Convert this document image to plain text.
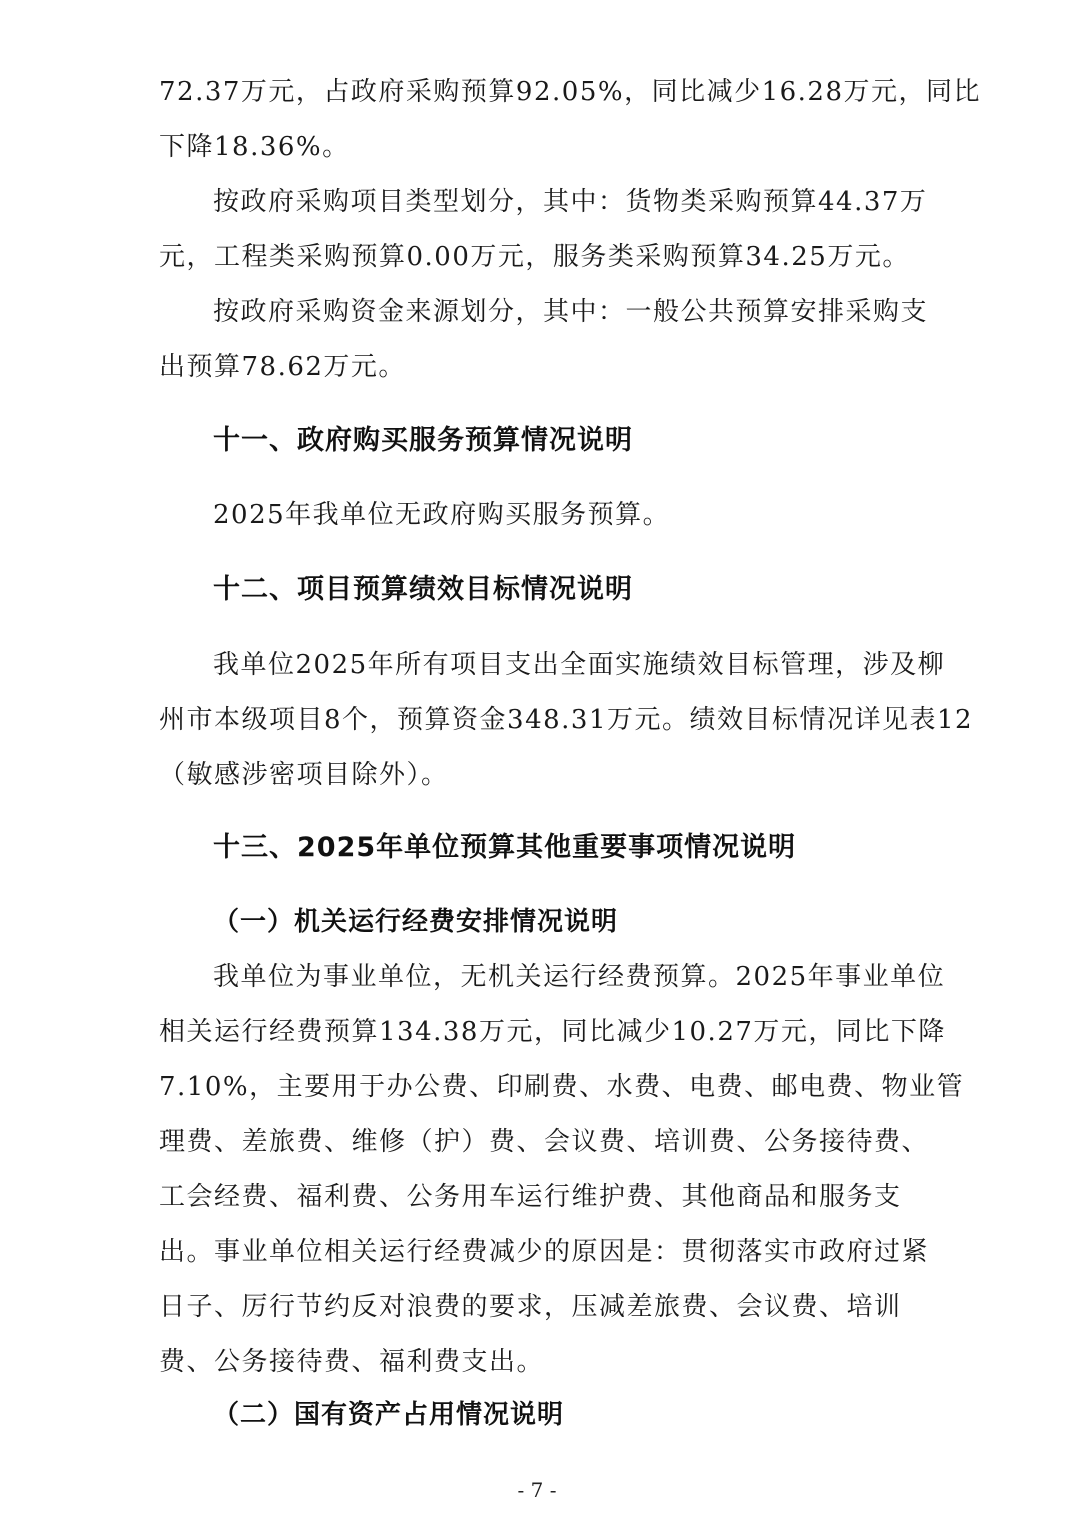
72.37万元，占政府采购预算92.05%，同比减少16.28万元，同比
下降18.36%。
按政府采购项目类型划分，其中：货物类采购预算44.37万
元，工程类采购预算0.00万元，服务类采购预算34.25万元。
按政府采购资金来源划分，其中：一般公共预算安排采购支
出预算78.62万元。
十一、政府购买服务预算情况说明
2025年我单位无政府购买服务预算。
十二、项目预算绩效目标情况说明
我单位2025年所有项目支出全面实施绩效目标管理，涉及柳
州市本级项目8个，预算资金348.31万元。绩效目标情况详见表12
（敏感涉密项目除外）。
十三、2025年单位预算其他重要事项情况说明
（一）机关运行经费安排情况说明
我单位为事业单位，无机关运行经费预算。2025年事业单位
相关运行经费预算134.38万元，同比减少10.27万元，同比下降
7.10%，主要用于办公费、印刷费、水费、电费、邮电费、物业管
理费、差旅费、维修（护）费、会议费、培训费、公务接待费、
工会经费、福利费、公务用车运行维护费、其他商品和服务支
出。事业单位相关运行经费减少的原因是：贯彻落实市政府过紧
日子、厉行节约反对浪费的要求，压减差旅费、会议费、培训
费、公务接待费、福利费支出。
（二）国有资产占用情况说明
- 7 -
